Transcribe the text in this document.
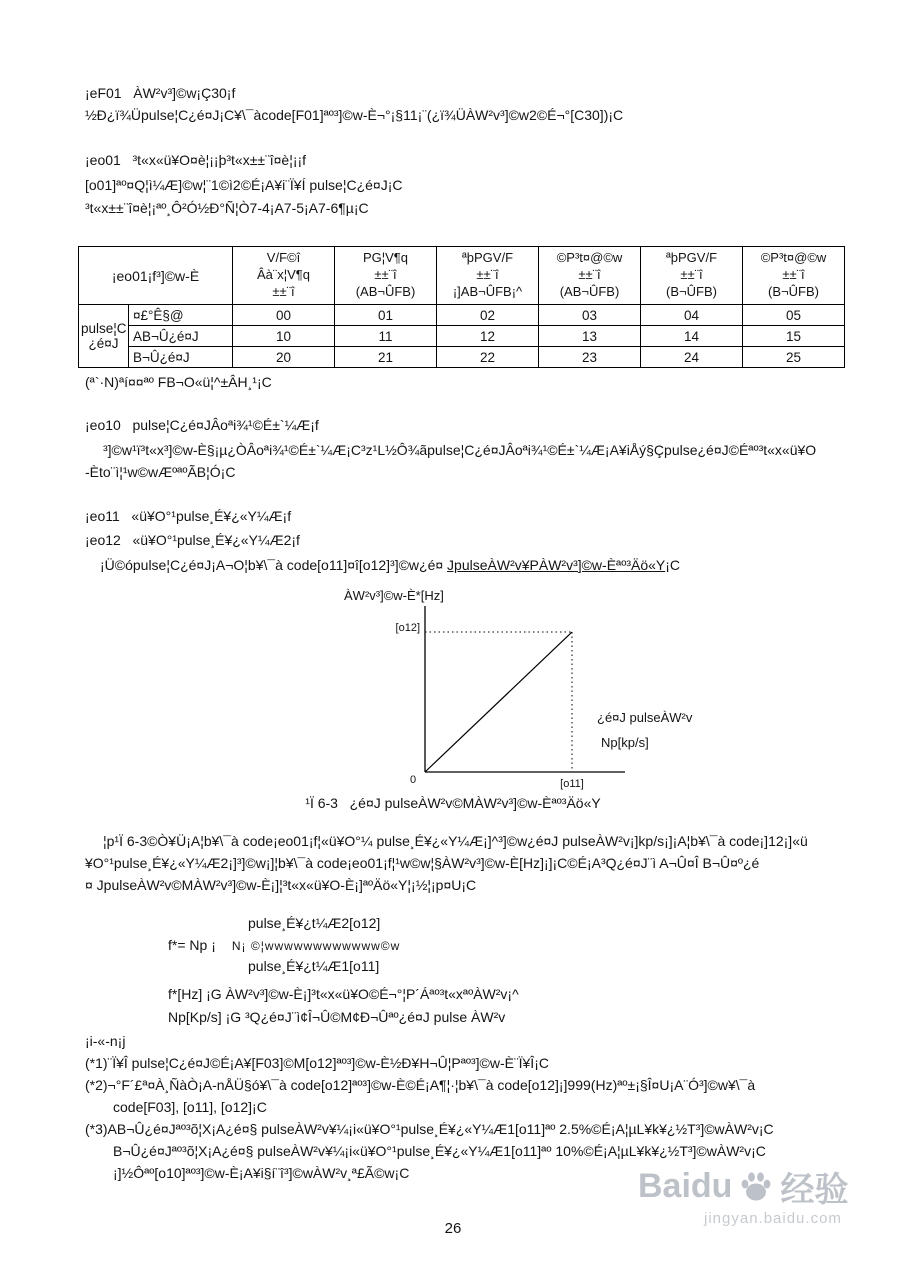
¡eF01   ÀW²v³]©w¡Ç30¡f
½Ð¿ï¾Üpulse¦C¿é¤J¡C¥\¯àcode[F01]ªº³]©w-È¬°¡§11¡¨(¿ï¾ÜÀW²v³]©w2©É¬°[C30])¡C
¡eo01   ³t«x«ü¥O¤è¦¡¡þ³t«x±±¨î¤è¦¡¡f
[o01]ªº¤Q¦ì¼Æ]©w¦¨1©ì2©É¡A¥i¨Ï¥Í pulse¦C¿é¤J¡C
³t«x±±¨î¤è¦¡ªº¸Ô²Ó½Ð°Ñ¦Ò7-4¡A7-5¡A7-6¶µ¡C
¡eo01¡f³]©w-È	
V/F©î
Âà¨x¦V¶q
±±¨î

PG¦V¶q
±±¨î
(AB¬ÛFB)

ªþPGV/F
±±¨î
¡]AB¬ÛFB¡^

©P³t¤@©w
±±¨î
(AB¬ÛFB)

ªþPGV/F
±±¨î
(B¬ÛFB)

©P³t¤@©w
±±¨î
(B¬ÛFB)

pulse¦C
¿é¤J	¤£°Ê§@	00	01	02	03	04	05
	AB¬Û¿é¤J	10	11	12	13	14	15
	B¬Û¿é¤J	20	21	22	23	24	25
(ª`·N)ªí¤¤ªº FB¬O«ü¦^±ÂH¸¹¡C
¡eo10   pulse¦C¿é¤JÂoªi¾¹©É±`¼Æ¡f
³]©w¹ï³t«x³]©w-È§¡µ¿ÒÂoªi¾¹©É±`¼Æ¡C³z¹L½Ô¾ãpulse¦C¿é¤JÂoªi¾¹©É±`¼Æ¡A¥iÅý§Çpulse¿é¤J©Éªº³t«x«ü¥O
-Èto¨ì¦¹w©wÆºªºÃB¦Ó¡C
¡eo11   «ü¥O°¹pulse¸É¥¿«Y¼Æ¡f
¡eo12   «ü¥O°¹pulse¸É¥¿«Y¼Æ2¡f
¡Ü©ópulse¦C¿é¤J¡A¬O¦b¥\¯à code[o11]¤î[o12]³]©w¿é¤ JpulseÀW²v¥PÀW²v³]©w-Èªº³Äö«Y¡C
ÀW²v³]©w-È*[Hz]
[o12]
0	[o11]
¿é¤J pulseÀW²v
Np[kp/s]
¹Ï 6-3   ¿é¤J pulseÀW²v©MÀW²v³]©w-Èªº³Äö«Y
¦p¹Ï 6-3©Ò¥Ü¡A¦b¥\¯à code¡eo01¡f¦«ü¥O°¼ pulse¸É¥¿«Y¼Æ¡]^³]©w¿é¤J pulseÀW²v¡]kp/s¡]¡A¦b¥\¯à code¡]12¡]«ü
¥O°¹pulse¸É¥¿«Y¼Æ2¡]³]©w¡]¦b¥\¯à code¡eo01¡f¦¹w©w¦§ÀW²v³]©w-È[Hz]¡]¡C©É¡A³Q¿é¤J¨ì A¬Û¤Î B¬Û¤º¿é
¤ JpulseÀW²v©MÀW²v³]©w-È¡]¦³t«x«ü¥O-È¡]ªºÄö«Y¦¡½¦¡p¤U¡C
pulse¸É¥¿t¼Æ2[o12]
f*= Np ¡ N¡ ©¦wwwwwwwwwwww©w
pulse¸É¥¿t¼Æ1[o11]
f*[Hz] ¡G ÀW²v³]©w-È¡]³t«x«ü¥O©É¬°¦P´Áªº³t«xªºÀW²v¡^
Np[Kp/s] ¡G ³Q¿é¤J¨ì¢Î¬Û©M¢Ð¬Ûªº¿é¤J pulse ÀW²v
¡i-«-n¡j
(*1)¨Ï¥Î pulse¦C¿é¤J©É¡A¥[F03]©M[o12]ªº³]©w-È½Ð¥H¬Û¦Pªº³]©w-È¨Ï¥Î¡C
(*2)¬°F´£ª¤À¸ÑàÒ¡A-nÅÜ§ó¥\¯à code[o12]ªº³]©w-È©É¡A¶¦·¦b¥\¯à code[o12]¡]999(Hz)ªº±¡§Î¤U¡A¨Ó³]©w¥\¯à
code[F03], [o11], [o12]¡C
(*3)AB¬Û¿é¤Jªº³õ¦X¡A¿é¤§ pulseÀW²v¥¼¡i«ü¥O°¹pulse¸É¥¿«Y¼Æ1[o11]ªº 2.5%©É¡A¦µL¥k¥¿½T³]©wÀW²v¡C
B¬Û¿é¤Jªº³õ¦X¡A¿é¤§ pulseÀW²v¥¼¡i«ü¥O°¹pulse¸É¥¿«Y¼Æ1[o11]ªº 10%©É¡A¦µL¥k¥¿½T³]©wÀW²v¡C
¡]½Ôªº[o10]ªº³]©w-È¡A¥i§í¨î³]©wÀW²v¸ª£Ã©w¡C	Baidu 经验
jingyan.baidu.com
26
